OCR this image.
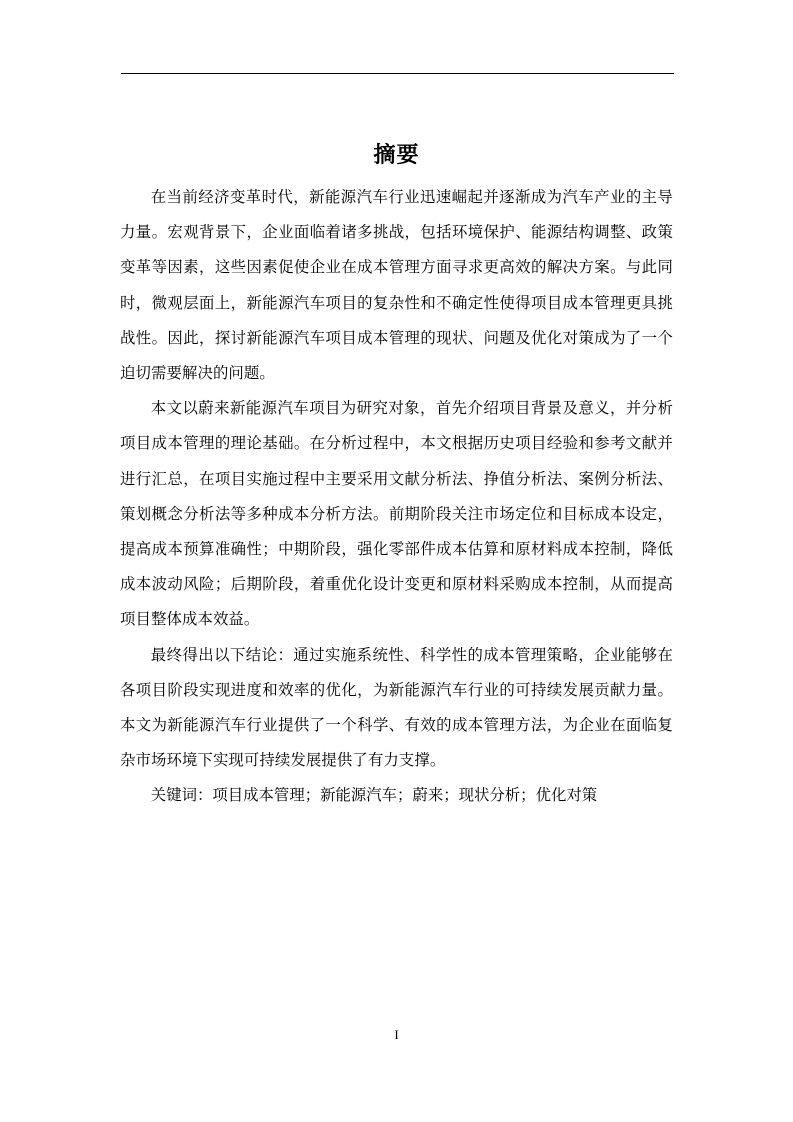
摘要

在当前经济变革时代，新能源汽车行业迅速崛起并逐渐成为汽车产业的主导力量。宏观背景下，企业面临着诸多挑战，包括环境保护、能源结构调整、政策变革等因素，这些因素促使企业在成本管理方面寻求更高效的解决方案。与此同时，微观层面上，新能源汽车项目的复杂性和不确定性使得项目成本管理更具挑战性。因此，探讨新能源汽车项目成本管理的现状、问题及优化对策成为了一个迫切需要解决的问题。

本文以蔚来新能源汽车项目为研究对象，首先介绍项目背景及意义，并分析项目成本管理的理论基础。在分析过程中，本文根据历史项目经验和参考文献并进行汇总，在项目实施过程中主要采用文献分析法、挣值分析法、案例分析法、策划概念分析法等多种成本分析方法。前期阶段关注市场定位和目标成本设定，提高成本预算准确性；中期阶段，强化零部件成本估算和原材料成本控制，降低成本波动风险；后期阶段，着重优化设计变更和原材料采购成本控制，从而提高项目整体成本效益。

最终得出以下结论：通过实施系统性、科学性的成本管理策略，企业能够在各项目阶段实现进度和效率的优化，为新能源汽车行业的可持续发展贡献力量。本文为新能源汽车行业提供了一个科学、有效的成本管理方法，为企业在面临复杂市场环境下实现可持续发展提供了有力支撑。

关键词：项目成本管理；新能源汽车；蔚来；现状分析；优化对策

I
